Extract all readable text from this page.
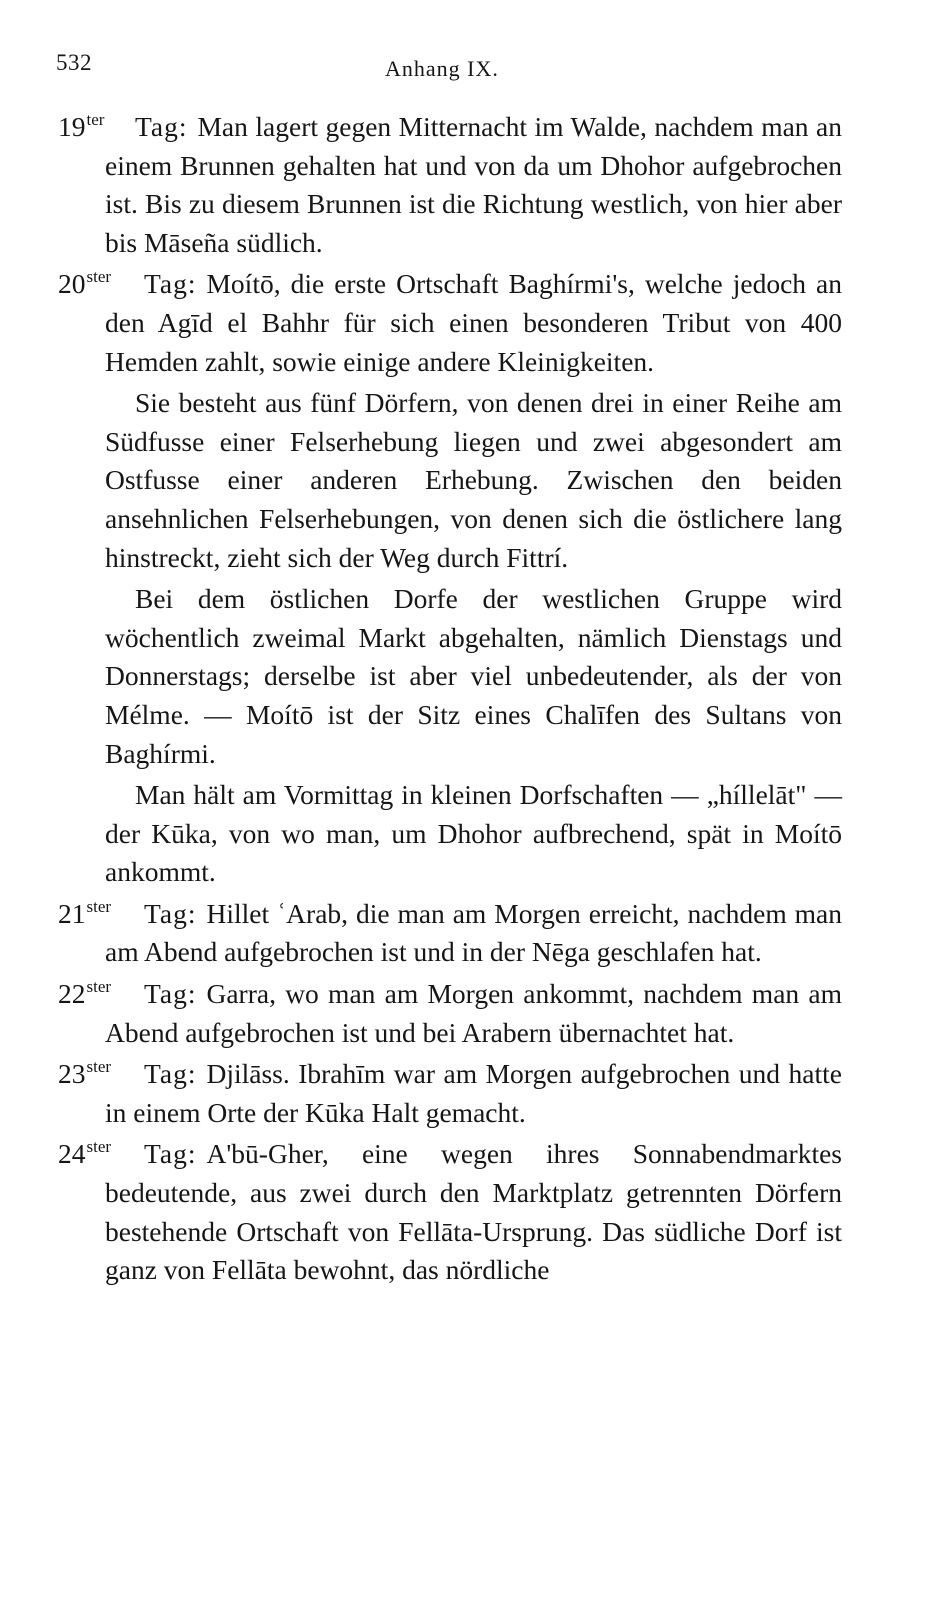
532	Anhang IX.
$19^{ter}$ Tag: Man lagert gegen Mitternacht im Walde, nachdem man an einem Brunnen gehalten hat und von da um Dhohor aufgebrochen ist. Bis zu diesem Brunnen ist die Richtung westlich, von hier aber bis Māseña südlich.
$20^{ster}$ Tag: Moítō, die erste Ortschaft Baghírmi's, welche jedoch an den Agīd el Bahhr für sich einen besonderen Tribut von 400 Hemden zahlt, sowie einige andere Kleinigkeiten.

Sie besteht aus fünf Dörfern, von denen drei in einer Reihe am Südfusse einer Felserhebung liegen und zwei abgesondert am Ostfusse einer anderen Erhebung. Zwischen den beiden ansehnlichen Felserhebungen, von denen sich die östlichere lang hinstreckt, zieht sich der Weg durch Fittrí.

Bei dem östlichen Dorfe der westlichen Gruppe wird wöchentlich zweimal Markt abgehalten, nämlich Dienstags und Donnerstags; derselbe ist aber viel unbedeutender, als der von Mélme. — Moítō ist der Sitz eines Chalīfen des Sultans von Baghírmi.

Man hält am Vormittag in kleinen Dorfschaften — „híllelāt" — der Kūka, von wo man, um Dhohor aufbrechend, spät in Moítō ankommt.

$21^{ster}$ Tag: Hillet ʿArab, die man am Morgen erreicht, nachdem man am Abend aufgebrochen ist und in der Nēga geschlafen hat.
$22^{ster}$ Tag: Garra, wo man am Morgen ankommt, nachdem man am Abend aufgebrochen ist und bei Arabern übernachtet hat.
$23^{ster}$ Tag: Djilāss. Ibrahīm war am Morgen aufgebrochen und hatte in einem Orte der Kūka Halt gemacht.
$24^{ster}$ Tag: A'bū-Gher, eine wegen ihres Sonnabendmarktes bedeutende, aus zwei durch den Marktplatz getrennten Dörfern bestehende Ortschaft von Fellāta-Ursprung. Das südliche Dorf ist ganz von Fellāta bewohnt, das nördliche
